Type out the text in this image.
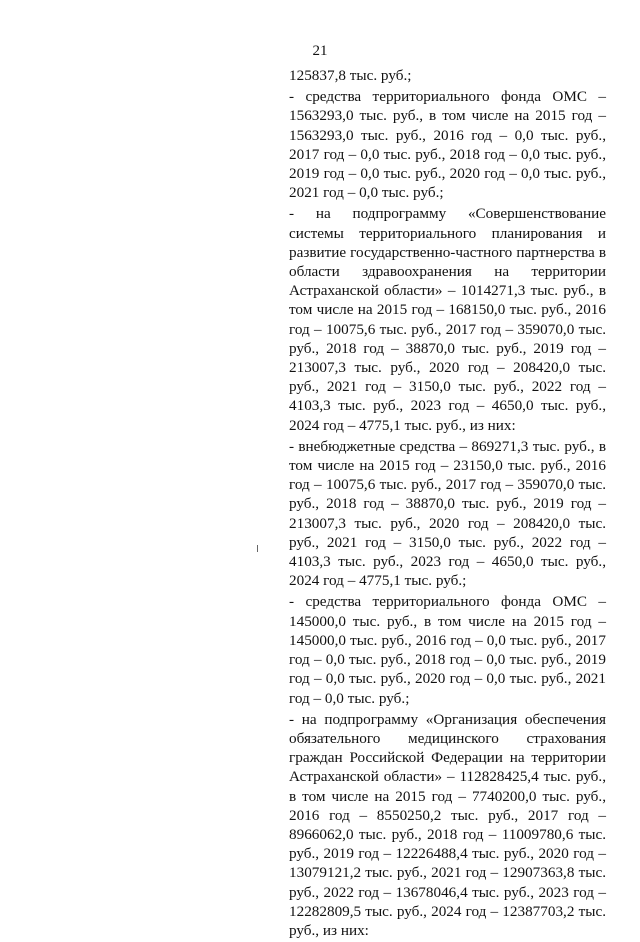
21

125837,8 тыс. руб.;

- средства территориального фонда ОМС – 1563293,0 тыс. руб., в том числе на 2015 год – 1563293,0 тыс. руб., 2016 год – 0,0 тыс. руб., 2017 год – 0,0 тыс. руб., 2018 год – 0,0 тыс. руб., 2019 год – 0,0 тыс. руб., 2020 год – 0,0 тыс. руб., 2021 год – 0,0 тыс. руб.;

- на подпрограмму «Совершенствование системы территориального планирования и развитие государственно-частного партнерства в области здравоохранения на территории Астраханской области» – 1014271,3 тыс. руб., в том числе на 2015 год – 168150,0 тыс. руб., 2016 год – 10075,6 тыс. руб., 2017 год – 359070,0 тыс. руб., 2018 год – 38870,0 тыс. руб., 2019 год – 213007,3 тыс. руб., 2020 год – 208420,0 тыс. руб., 2021 год – 3150,0 тыс. руб., 2022 год – 4103,3 тыс. руб., 2023 год – 4650,0 тыс. руб., 2024 год – 4775,1 тыс. руб., из них:

- внебюджетные средства – 869271,3 тыс. руб., в том числе на 2015 год – 23150,0 тыс. руб., 2016 год – 10075,6 тыс. руб., 2017 год – 359070,0 тыс. руб., 2018 год – 38870,0 тыс. руб., 2019 год – 213007,3 тыс. руб., 2020 год – 208420,0 тыс. руб., 2021 год – 3150,0 тыс. руб., 2022 год – 4103,3 тыс. руб., 2023 год – 4650,0 тыс. руб., 2024 год – 4775,1 тыс. руб.;

- средства территориального фонда ОМС – 145000,0 тыс. руб., в том числе на 2015 год – 145000,0 тыс. руб., 2016 год – 0,0 тыс. руб., 2017 год – 0,0 тыс. руб., 2018 год – 0,0 тыс. руб., 2019 год – 0,0 тыс. руб., 2020 год – 0,0 тыс. руб., 2021 год – 0,0 тыс. руб.;

- на подпрограмму «Организация обеспечения обязательного медицинского страхования граждан Российской Федерации на территории Астраханской области» – 112828425,4 тыс. руб., в том числе на 2015 год – 7740200,0 тыс. руб., 2016 год – 8550250,2 тыс. руб., 2017 год – 8966062,0 тыс. руб., 2018 год – 11009780,6 тыс. руб., 2019 год – 12226488,4 тыс. руб., 2020 год – 13079121,2 тыс. руб., 2021 год – 12907363,8 тыс. руб., 2022 год – 13678046,4 тыс. руб., 2023 год – 12282809,5 тыс. руб., 2024 год – 12387703,2 тыс. руб., из них:
